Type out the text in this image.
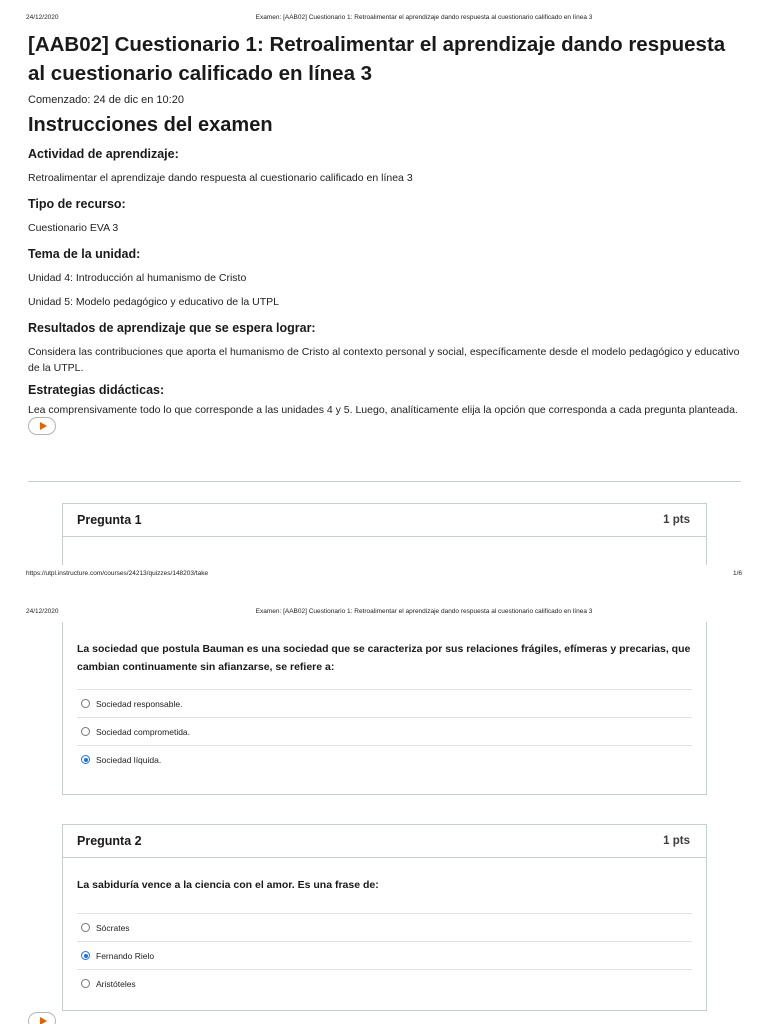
24/12/2020	Examen: [AAB02] Cuestionario 1: Retroalimentar el aprendizaje dando respuesta al cuestionario calificado en línea 3
[AAB02] Cuestionario 1: Retroalimentar el aprendizaje dando respuesta al cuestionario calificado en línea 3
Comenzado: 24 de dic en 10:20
Instrucciones del examen
Actividad de aprendizaje:

Retroalimentar el aprendizaje dando respuesta al cuestionario calificado en línea 3

Tipo de recurso:

Cuestionario EVA 3

Tema de la unidad:

Unidad 4: Introducción al humanismo de Cristo

Unidad 5: Modelo pedagógico y educativo de la UTPL

Resultados de aprendizaje que se espera lograr:

Considera las contribuciones que aporta el humanismo de Cristo al contexto personal y social, específicamente desde el modelo pedagógico y educativo de la UTPL.

Estrategias didácticas:

Lea comprensivamente todo lo que corresponde a las unidades 4 y 5. Luego, analíticamente elija la opción que corresponda a cada pregunta planteada.

Pregunta 1	1 pts
https://utpl.instructure.com/courses/24213/quizzes/148203/take	1/6
24/12/2020	Examen: [AAB02] Cuestionario 1: Retroalimentar el aprendizaje dando respuesta al cuestionario calificado en línea 3
La sociedad que postula Bauman es una sociedad que se caracteriza por sus relaciones frágiles, efímeras y precarias, que cambian continuamente sin afianzarse, se refiere a:
Sociedad responsable.
Sociedad comprometida.
Sociedad líquida.
Pregunta 2	1 pts
La sabiduría vence a la ciencia con el amor. Es una frase de:
Sócrates
Fernando Rielo
Aristóteles
